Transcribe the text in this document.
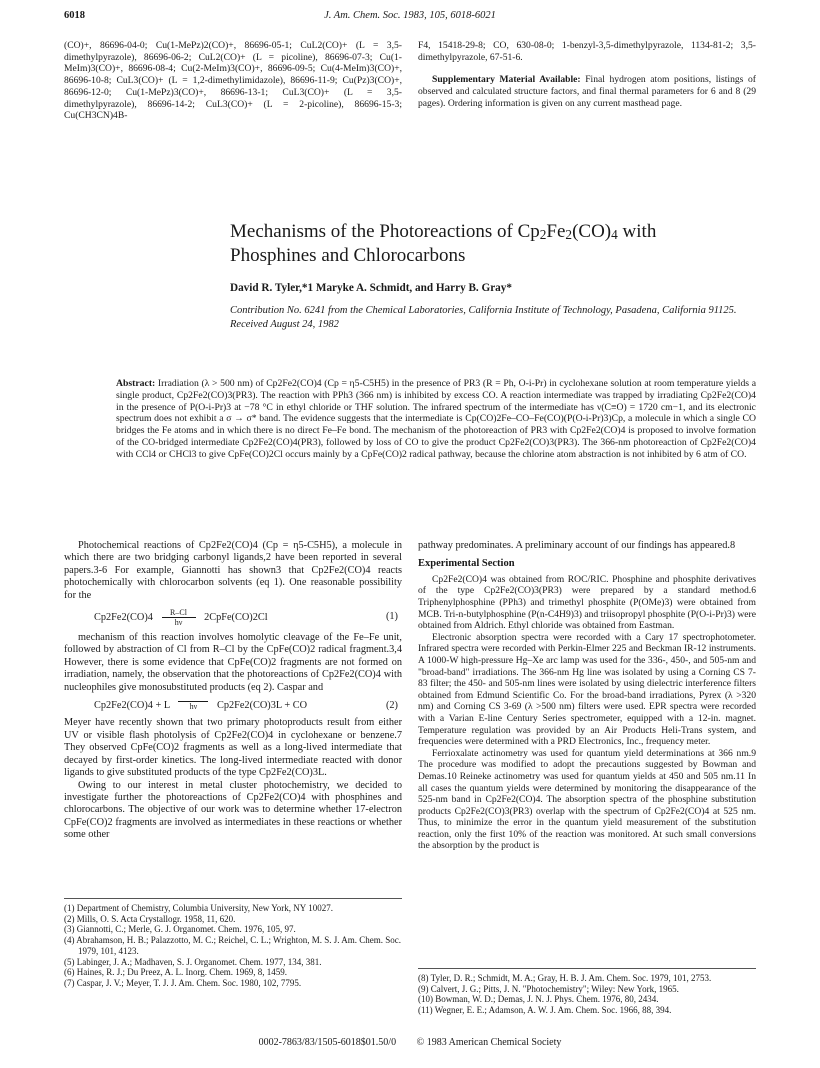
6018	J. Am. Chem. Soc. 1983, 105, 6018-6021
(CO)+, 86696-04-0; Cu(1-MePz)2(CO)+, 86696-05-1; CuL2(CO)+ (L = 3,5-dimethylpyrazole), 86696-06-2; CuL2(CO)+ (L = picoline), 86696-07-3; Cu(1-MeIm)3(CO)+, 86696-08-4; Cu(2-MeIm)3(CO)+, 86696-09-5; Cu(4-MeIm)3(CO)+, 86696-10-8; CuL3(CO)+ (L = 1,2-dimethylimidazole), 86696-11-9; Cu(Pz)3(CO)+, 86696-12-0; Cu(1-MePz)3(CO)+, 86696-13-1; CuL3(CO)+ (L = 3,5-dimethylpyrazole), 86696-14-2; CuL3(CO)+ (L = 2-picoline), 86696-15-3; Cu(CH3CN)4B-

F4, 15418-29-8; CO, 630-08-0; 1-benzyl-3,5-dimethylpyrazole, 1134-81-2; 3,5-dimethylpyrazole, 67-51-6.

Supplementary Material Available: Final hydrogen atom positions, listings of observed and calculated structure factors, and final thermal parameters for 6 and 8 (29 pages). Ordering information is given on any current masthead page.

Mechanisms of the Photoreactions of $Cp_2Fe_2(CO)_4$ with Phosphines and Chlorocarbons
David R. Tyler,*1 Maryke A. Schmidt, and Harry B. Gray*
Contribution No. 6241 from the Chemical Laboratories, California Institute of Technology, Pasadena, California 91125. Received August 24, 1982
Abstract: Irradiation (λ > 500 nm) of Cp2Fe2(CO)4 (Cp = η5-C5H5) in the presence of PR3 (R = Ph, O-i-Pr) in cyclohexane solution at room temperature yields a single product, Cp2Fe2(CO)3(PR3). The reaction with PPh3 (366 nm) is inhibited by excess CO. A reaction intermediate was trapped by irradiating Cp2Fe2(CO)4 in the presence of P(O-i-Pr)3 at −78 °C in ethyl chloride or THF solution. The infrared spectrum of the intermediate has ν(C≡O) = 1720 cm−1, and its electronic spectrum does not exhibit a σ → σ* band. The evidence suggests that the intermediate is Cp(CO)2Fe–CO–Fe(CO)(P(O-i-Pr)3)Cp, a molecule in which a single CO bridges the Fe atoms and in which there is no direct Fe–Fe bond. The mechanism of the photoreaction of PR3 with Cp2Fe2(CO)4 is proposed to involve formation of the CO-bridged intermediate Cp2Fe2(CO)4(PR3), followed by loss of CO to give the product Cp2Fe2(CO)3(PR3). The 366-nm photoreaction of Cp2Fe2(CO)4 with CCl4 or CHCl3 to give CpFe(CO)2Cl occurs mainly by a CpFe(CO)2 radical pathway, because the chlorine atom abstraction is not inhibited by 6 atm of CO.

Photochemical reactions of Cp2Fe2(CO)4 (Cp = η5-C5H5), a molecule in which there are two bridging carbonyl ligands,2 have been reported in several papers.3-6 For example, Giannotti has shown3 that Cp2Fe2(CO)4 reacts photochemically with chlorocarbon solvents (eq 1). One reasonable possibility for the

$Cp2Fe2(CO)4 \frac{R-Cl}{h\nu}$ 2CpFe(CO)2Cl	(1)

mechanism of this reaction involves homolytic cleavage of the Fe–Fe unit, followed by abstraction of Cl from R–Cl by the CpFe(CO)2 radical fragment.3,4 However, there is some evidence that CpFe(CO)2 fragments are not formed on irradiation, namely, the observation that the photoreactions of Cp2Fe2(CO)4 with nucleophiles give monosubstituted products (eq 2). Caspar and

Cp2Fe2(CO)4 + L	hν	Cp2Fe2(CO)3L + CO	(2)

Meyer have recently shown that two primary photoproducts result from either UV or visible flash photolysis of Cp2Fe2(CO)4 in cyclohexane or benzene.7 They observed CpFe(CO)2 fragments as well as a long-lived intermediate that decayed by first-order kinetics. The long-lived intermediate reacted with donor ligands to give substituted products of the type Cp2Fe2(CO)3L.

Owing to our interest in metal cluster photochemistry, we decided to investigate further the photoreactions of Cp2Fe2(CO)4 with phosphines and chlorocarbons. The objective of our work was to determine whether 17-electron CpFe(CO)2 fragments are involved as intermediates in these reactions or whether some other

pathway predominates. A preliminary account of our findings has appeared.8

Experimental Section

Cp2Fe2(CO)4 was obtained from ROC/RIC. Phosphine and phosphite derivatives of the type Cp2Fe2(CO)3(PR3) were prepared by a standard method.6 Triphenylphosphine (PPh3) and trimethyl phosphite (P(OMe)3) were obtained from MCB. Tri-n-butylphosphine (P(n-C4H9)3) and triisopropyl phosphite (P(O-i-Pr)3) were obtained from Aldrich. Ethyl chloride was obtained from Eastman.

Electronic absorption spectra were recorded with a Cary 17 spectrophotometer. Infrared spectra were recorded with Perkin-Elmer 225 and Beckman IR-12 instruments. A 1000-W high-pressure Hg–Xe arc lamp was used for the 336-, 450-, and 505-nm and "broad-band" irradiations. The 366-nm Hg line was isolated by using a Corning CS 7-83 filter; the 450- and 505-nm lines were isolated by using dielectric interference filters obtained from Edmund Scientific Co. For the broad-band irradiations, Pyrex (λ >320 nm) and Corning CS 3-69 (λ >500 nm) filters were used. EPR spectra were recorded with a Varian E-line Century Series spectrometer, equipped with a 12-in. magnet. Temperature regulation was provided by an Air Products Heli-Trans system, and frequencies were determined with a PRD Electronics, Inc., frequency meter.

Ferrioxalate actinometry was used for quantum yield determinations at 366 nm.9 The procedure was modified to adopt the precautions suggested by Bowman and Demas.10 Reineke actinometry was used for quantum yields at 450 and 505 nm.11 In all cases the quantum yields were determined by monitoring the disappearance of the 525-nm band in Cp2Fe2(CO)4. The absorption spectra of the phosphine substitution products Cp2Fe2(CO)3(PR3) overlap with the spectrum of Cp2Fe2(CO)4 at 525 nm. Thus, to minimize the error in the quantum yield measurement of the substitution reaction, only the first 10% of the reaction was monitored. At such small conversions the absorption by the product is

(1) Department of Chemistry, Columbia University, New York, NY 10027.

(2) Mills, O. S. Acta Crystallogr. 1958, 11, 620.

(3) Giannotti, C.; Merle, G. J. Organomet. Chem. 1976, 105, 97.

(4) Abrahamson, H. B.; Palazzotto, M. C.; Reichel, C. L.; Wrighton, M. S. J. Am. Chem. Soc. 1979, 101, 4123.

(5) Labinger, J. A.; Madhaven, S. J. Organomet. Chem. 1977, 134, 381.

(6) Haines, R. J.; Du Preez, A. L. Inorg. Chem. 1969, 8, 1459.

(7) Caspar, J. V.; Meyer, T. J. J. Am. Chem. Soc. 1980, 102, 7795.	(8) Tyler, D. R.; Schmidt, M. A.; Gray, H. B. J. Am. Chem. Soc. 1979, 101, 2753.

(9) Calvert, J. G.; Pitts, J. N. "Photochemistry"; Wiley: New York, 1965.

(10) Bowman, W. D.; Demas, J. N. J. Phys. Chem. 1976, 80, 2434.

(11) Wegner, E. E.; Adamson, A. W. J. Am. Chem. Soc. 1966, 88, 394.

0002-7863/83/1505-6018$01.50/0 © 1983 American Chemical Society
